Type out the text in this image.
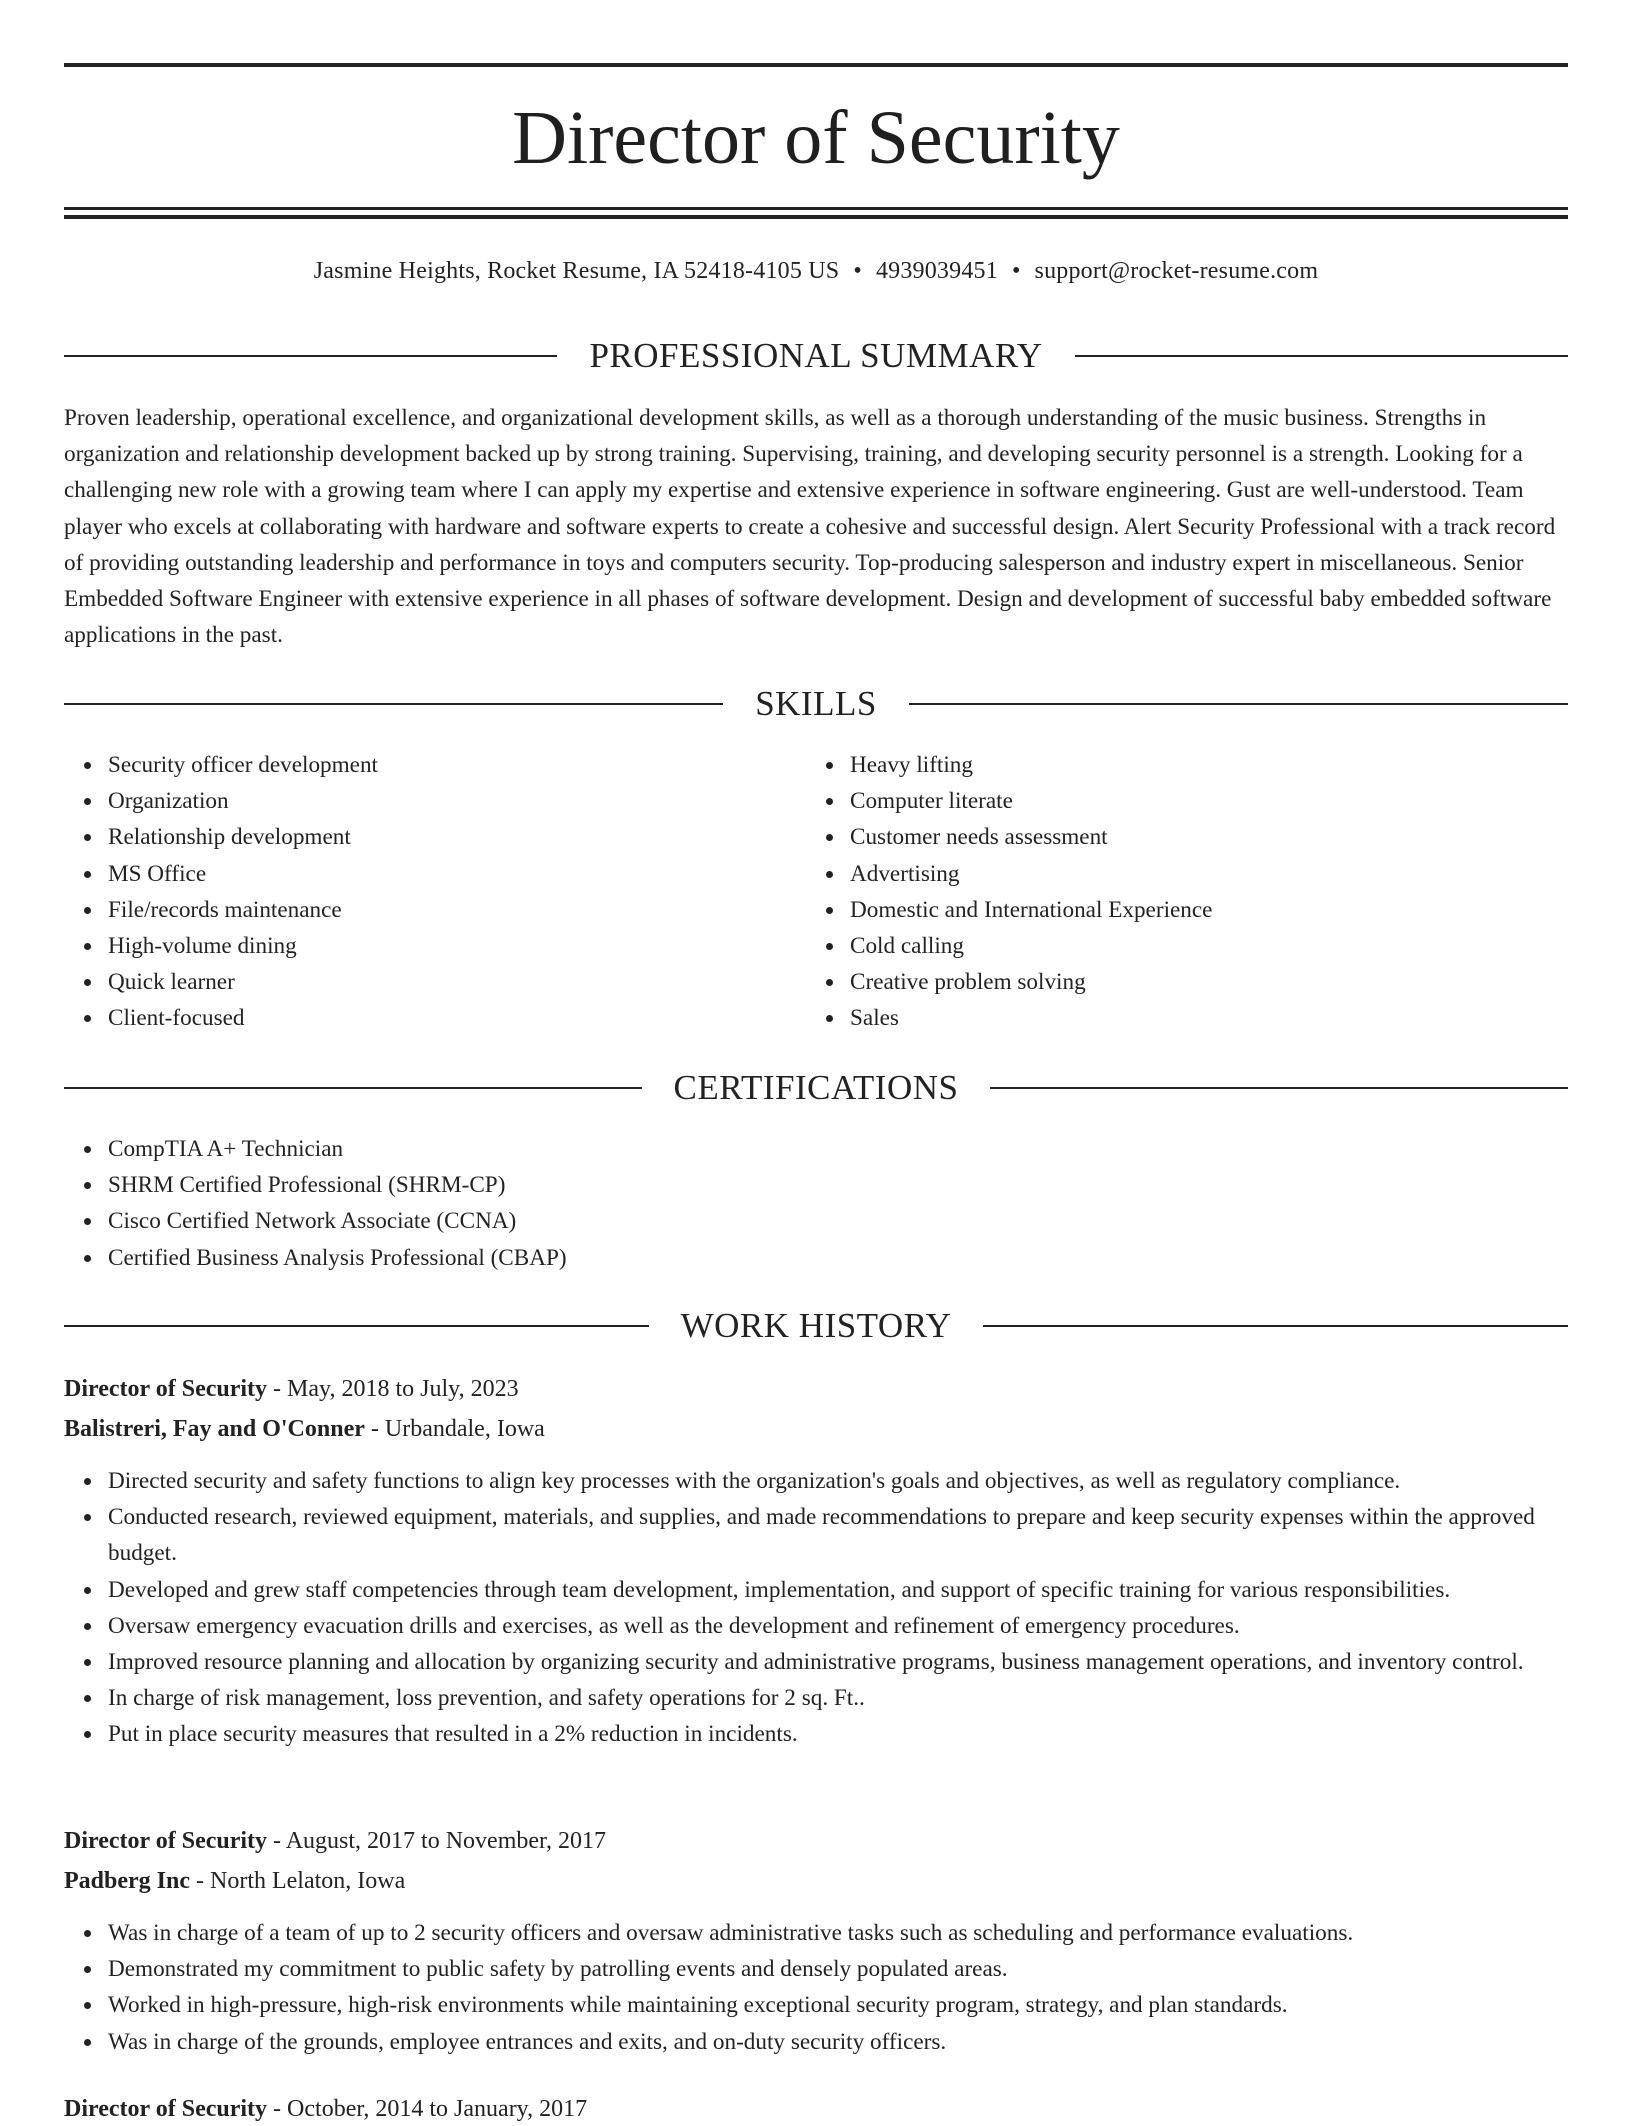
Director of Security
Jasmine Heights, Rocket Resume, IA 52418-4105 US • 4939039451 • support@rocket-resume.com
PROFESSIONAL SUMMARY

Proven leadership, operational excellence, and organizational development skills, as well as a thorough understanding of the music business. Strengths in organization and relationship development backed up by strong training. Supervising, training, and developing security personnel is a strength. Looking for a challenging new role with a growing team where I can apply my expertise and extensive experience in software engineering. Gust are well-understood. Team player who excels at collaborating with hardware and software experts to create a cohesive and successful design. Alert Security Professional with a track record of providing outstanding leadership and performance in toys and computers security. Top-producing salesperson and industry expert in miscellaneous. Senior Embedded Software Engineer with extensive experience in all phases of software development. Design and development of successful baby embedded software applications in the past.

SKILLS
Security officer development
Organization
Relationship development
MS Office
File/records maintenance
High-volume dining
Quick learner
Client-focused
Heavy lifting
Computer literate
Customer needs assessment
Advertising
Domestic and International Experience
Cold calling
Creative problem solving
Sales
CERTIFICATIONS
CompTIA A+ Technician
SHRM Certified Professional (SHRM-CP)
Cisco Certified Network Associate (CCNA)
Certified Business Analysis Professional (CBAP)
WORK HISTORY
Director of Security - May, 2018 to July, 2023
Balistreri, Fay and O'Conner - Urbandale, Iowa
Directed security and safety functions to align key processes with the organization's goals and objectives, as well as regulatory compliance.
Conducted research, reviewed equipment, materials, and supplies, and made recommendations to prepare and keep security expenses within the approved budget.
Developed and grew staff competencies through team development, implementation, and support of specific training for various responsibilities.
Oversaw emergency evacuation drills and exercises, as well as the development and refinement of emergency procedures.
Improved resource planning and allocation by organizing security and administrative programs, business management operations, and inventory control.
In charge of risk management, loss prevention, and safety operations for 2 sq. Ft..
Put in place security measures that resulted in a 2% reduction in incidents.
Director of Security - August, 2017 to November, 2017
Padberg Inc - North Lelaton, Iowa
Was in charge of a team of up to 2 security officers and oversaw administrative tasks such as scheduling and performance evaluations.
Demonstrated my commitment to public safety by patrolling events and densely populated areas.
Worked in high-pressure, high-risk environments while maintaining exceptional security program, strategy, and plan standards.
Was in charge of the grounds, employee entrances and exits, and on-duty security officers.
Director of Security - October, 2014 to January, 2017
